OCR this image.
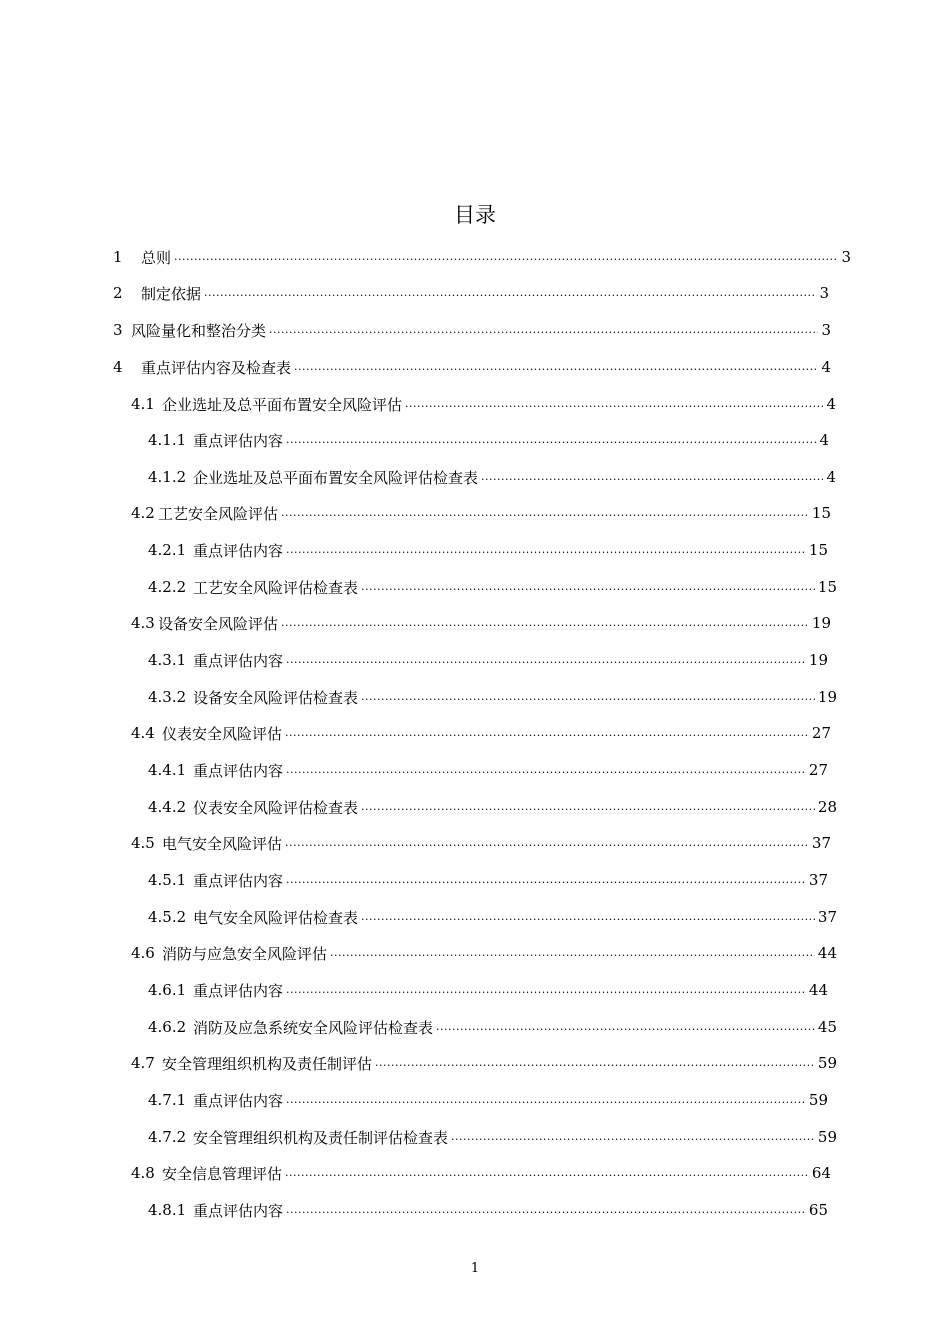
目录
1	总则 .....	3
2	制定依据 .....	3
3 风险量化和整治分类 .....	3
4	重点评估内容及检查表 .....	4
4.1 企业选址及总平面布置安全风险评估 .....	4
4.1.1 重点评估内容 .....	4
4.1.2 企业选址及总平面布置安全风险评估检查表 .....	4
4.2 工艺安全风险评估 .....	15
4.2.1 重点评估内容 .....	15
4.2.2 工艺安全风险评估检查表 .....	15
4.3 设备安全风险评估 .....	19
4.3.1 重点评估内容 .....	19
4.3.2 设备安全风险评估检查表 .....	19
4.4 仪表安全风险评估 .....	27
4.4.1 重点评估内容 .....	27
4.4.2 仪表安全风险评估检查表 .....	28
4.5 电气安全风险评估 .....	37
4.5.1 重点评估内容 .....	37
4.5.2 电气安全风险评估检查表 .....	37
4.6 消防与应急安全风险评估 .....	44
4.6.1 重点评估内容 .....	44
4.6.2 消防及应急系统安全风险评估检查表 .....	45
4.7 安全管理组织机构及责任制评估 .....	59
4.7.1 重点评估内容 .....	59
4.7.2 安全管理组织机构及责任制评估检查表 .....	59
4.8 安全信息管理评估 .....	64
4.8.1 重点评估内容 .....	65
1
